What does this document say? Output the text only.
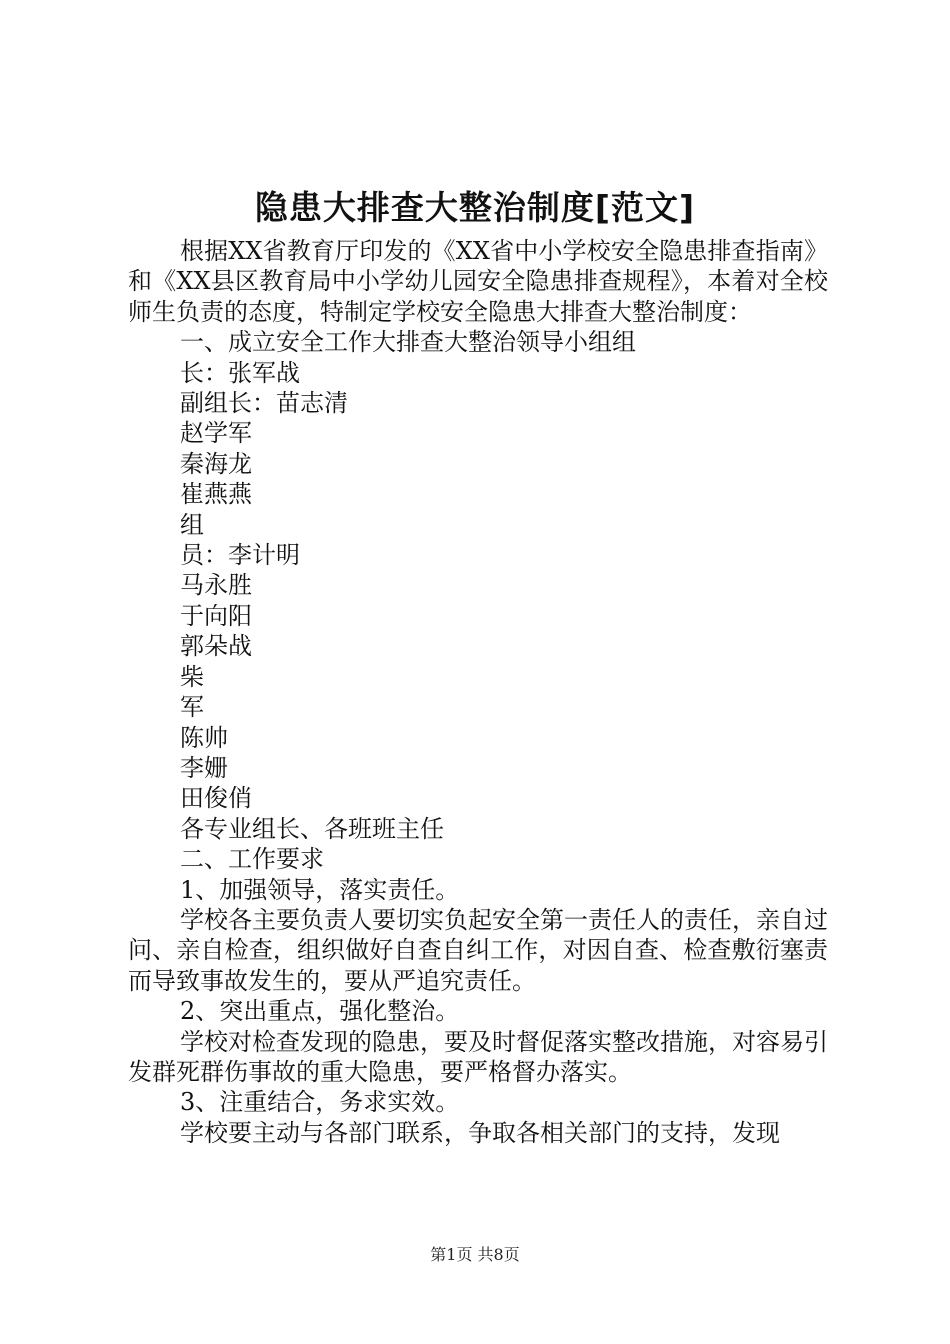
隐患大排查大整治制度[范文]

根据XX省教育厅印发的《XX省中小学校安全隐患排查指南》和《XX县区教育局中小学幼儿园安全隐患排查规程》，本着对全校师生负责的态度，特制定学校安全隐患大排查大整治制度：

一、成立安全工作大排查大整治领导小组组

长：张军战

副组长：苗志清

赵学军

秦海龙

崔燕燕

组

员：李计明

马永胜

于向阳

郭朵战

柴

军

陈帅

李姗

田俊俏

各专业组长、各班班主任

二、工作要求

1、加强领导，落实责任。

学校各主要负责人要切实负起安全第一责任人的责任，亲自过问、亲自检查，组织做好自查自纠工作，对因自查、检查敷衍塞责而导致事故发生的，要从严追究责任。

2、突出重点，强化整治。

学校对检查发现的隐患，要及时督促落实整改措施，对容易引发群死群伤事故的重大隐患，要严格督办落实。

3、注重结合，务求实效。

学校要主动与各部门联系，争取各相关部门的支持，发现

第1页 共8页
